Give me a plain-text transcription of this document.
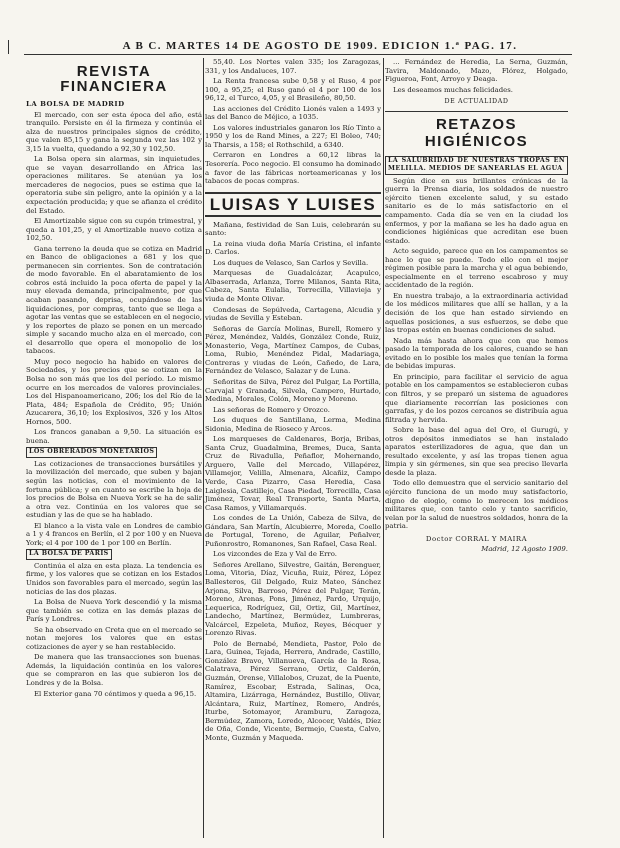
A B C. MARTES 14 DE AGOSTO DE 1909. EDICION 1.ª PAG. 17.
REVISTA
FINANCIERA

LA BOLSA DE MADRID

El mercado, con ser esta época del año, está tranquilo. Persiste en él la firmeza y continúa el alza de nuestros principales signos de crédito, que valen 85,15 y gana la segunda vez las 102 y 3,15 la vuelta, quedando a 92,30 y 102,50.

La Bolsa opera sin alarmas, sin inquietudes, que se vayan desarrollando en África las operaciones militares. Se atenúan ya los mercaderes de negocios, pues se estima que la operatoria sube sin peligro, ante la opinión y a la expectación producida; y que se afianza el crédito del Estado.

El Amortizable sigue con su cupón trimestral, y queda a 101,25, y el Amortizable nuevo cotiza a 102,50.

Gana terreno la deuda que se cotiza en Madrid en Banco de obligaciones a 681 y los que permanecen sin corrientes. Son de contratación de modo favorable. En el abaratamiento de los cobros está incluido la poca oferta de papel y la muy elevada demanda, principalmente, por que acaban pasando, deprisa, ocupándose de las liquidaciones, por compras, tanto que se llega a agotar las ventas que se establecen en el negocio, y los reportes de plazo se ponen en un mercado simple y sacando mucho alza en el mercado, con el desarrollo que opera el monopolio de los tabacos.

Muy poco negocio ha habido en valores de Sociedades, y los precios que se cotizan en la Bolsa no son más que los del período. Lo mismo ocurre en los mercados de valores provinciales. Los del Hispanoamericano, 206; los del Río de la Plata, 484; Española de Crédito, 95; Unión Azucarera, 36,10; los Explosivos, 326 y los Altos Hornos, 500.

Los francos ganaban a 9,50. La situación es buena.

LOS OBRERADOS MONETARIOS

Las cotizaciones de transacciones bursátiles y la movilización del mercado, que suben y bajan según las noticias, con el movimiento de la fortuna pública; y en cuanto se escribe la hoja de los precios de Bolsa en Nueva York se ha de salir a otra vez. Continúa en los valores que se estudian y las de que se ha hablado.

El blanco a la vista vale en Londres de cambio a 1 y 4 francos en Berlín, el 2 por 100 y en Nueva York; el 4 por 100 de 1 por 100 en Berlín.

LA BOLSA DE PARIS

Continúa el alza en esta plaza. La tendencia es firme, y los valores que se cotizan en los Estados Unidos son favorables para el mercado, según las noticias de las dos plazas.

La Bolsa de Nueva York descendió y la misma que también se cotiza en las demás plazas de París y Londres.

Se ha observado en Creta que en el mercado se notan mejores los valores que en estas cotizaciones de ayer y se han restablecido.

De manera que las transacciones son buenas. Además, la liquidación continúa en los valores que se compraron en las que subieron los de Londres y de la Bolsa.

El Exterior gana 70 céntimos y queda a 96,15.

55,40. Los Nortes valen 335; los Zaragozas, 331, y los Andaluces, 107.

La Renta francesa sube 0,58 y el Ruso, 4 por 100, a 95,25; el Ruso ganó el 4 por 100 de los 96,12, el Turco, 4,05, y el Brasileño, 80,50.

Las acciones del Crédito Lionés valen a 1493 y las del Banco de Méjico, a 1035.

Los valores industriales ganaron los Río Tinto a 1950 y los de Rand Mines, a 227; El Boleo, 740; la Tharsis, a 158; el Rothschild, a 6340.

Cerraron en Londres a 60,12 libras la Tesorería. Poco negocio. El consumo ha dominado a favor de las fábricas norteamericanas y los tabacos de pocas compras.

LUISAS Y LUISES

Mañana, festividad de San Luis, celebrarán su santo:

La reina viuda doña María Cristina, el infante D. Carlos.

Los duques de Velasco, San Carlos y Sevilla.

Marquesas de Guadalcázar, Acapulco, Albaserrada, Arlanza, Torre Milanos, Santa Rita, Cabeza, Santa Eulalia, Torrecilla, Villavieja y viuda de Monte Olivar.

Condesas de Sepúlveda, Cartagena, Alcudia y viudas de Sevilla y Esteban.

Señoras de García Molinas, Burell, Romero y Pérez, Menéndez, Valdés, González Conde, Ruiz, Monasterio, Vega, Martínez Campos, de Cubas, Loma, Rubio, Menéndez Pidal, Madariaga, Contreras y viudas de León, Cañedo, de Lara, Fernández de Velasco, Salazar y de Luna.

Señoritas de Silva, Pérez del Pulgar, La Portilla, Carvajal y Granada, Silvela, Campero, Hurtado, Medina, Morales, Colón, Moreno y Moreno.

Las señoras de Romero y Orozco.

Los duques de Santillana, Lerma, Medina Sidonia, Medina de Rioseco y Arcos.

Los marqueses de Caldenares, Borja, Bribas, Santa Cruz, Guadalmina, Bremes, Duca, Santa Cruz de Rivadulla, Peñaflor, Mohernando, Arguero, Valle del Mercado, Villapérez, Villamejor, Velilla, Almenara, Alcañiz, Campo Verde, Casa Pizarro, Casa Heredia, Casa Laiglesia, Castillejo, Casa Piedad, Torrecilla, Casa Jiménez, Tovar, Real Transporte, Santa Marta, Casa Ramos, y Villamarqués.

Los condes de La Unión, Cabeza de Silva, de Gándara, San Martín, Alcubierre, Moreda, Coello de Portugal, Toreno, de Aguilar, Peñalver, Puñonrostro, Romanones, San Rafael, Casa Real.

Los vizcondes de Eza y Val de Erro.

Señores Arellano, Silvestre, Gaitán, Berenguer, Loma, Vitoria, Díaz, Vicuña, Ruiz, Pérez, López Ballesteros, Gil Delgado, Ruiz Mateo, Sánchez Arjona, Silva, Barroso, Pérez del Pulgar, Terán, Moreno, Arenas, Pons, Jiménez, Pardo, Urquijo, Lequerica, Rodríguez, Gil, Ortiz, Gil, Martínez, Landecho, Martínez, Bermúdez, Lumbreras, Valcárcel, Ezpeleta, Muñoz, Reyes, Bécquer y Lorenzo Rivas.

Polo de Bernabé, Mendieta, Pastor, Polo de Lara, Guinea, Tejada, Herrera, Andrade, Castillo, González Bravo, Villanueva, García de la Rosa, Calatrava, Pérez Serrano, Ortiz, Calderón, Guzmán, Orense, Villalobos, Cruzat, de la Puente, Ramírez, Escobar, Estrada, Salinas, Oca, Altamira, Lizárraga, Hernández, Bustillo, Olivar, Alcántara, Ruiz, Martínez, Romero, Andrés, Iturbe, Sotomayor, Aramburu, Zaragoza, Bermúdez, Zamora, Loredo, Alcocer, Valdés, Díez de Oña, Conde, Vicente, Bermejo, Cuesta, Calvo, Monte, Guzmán y Maqueda.

... Fernández de Heredia, La Serna, Guzmán, Tavira, Maldonado, Mazo, Flórez, Holgado, Figueroa, Font, Arroyo y Deaga.

Les deseamos muchas felicidades.

DE ACTUALIDAD
RETAZOS HIGIÉNICOS

LA SALUBRIDAD DE NUESTRAS TROPAS EN MELILLA. MEDIOS DE SANEARLAS EL AGUA

Según dice en sus brillantes crónicas de la guerra la Prensa diaria, los soldados de nuestro ejército tienen excelente salud, y su estado sanitario es de lo más satisfactorio en el campamento. Cada día se ven en la ciudad los enfermos, y por la mañana se les ha dado agua en condiciones higiénicas que acreditan ese buen estado.

Acto seguido, parece que en los campamentos se hace lo que se puede. Todo ello con el mejor régimen posible para la marcha y el agua bebiendo, especialmente en el terreno escabroso y muy accidentado de la región.

En nuestra trabajo, a la extraordinaria actividad de los médicos militares que allí se hallan, y a la decisión de los que han estado sirviendo en aquellas posiciones, a sus esfuerzos, se debe que las tropas estén en buenas condiciones de salud.

Nada más hasta ahora que con que hemos pasado la temporada de los calores, cuando se han evitado en lo posible los males que tenían la forma de bebidas impuras.

En principio, para facilitar el servicio de agua potable en los campamentos se establecieron cubas con filtros, y se preparó un sistema de aguadores que diariamente recorrían las posiciones con garrafas, y de los pozos cercanos se distribuía agua filtrada y hervida.

Sobre la base del agua del Oro, el Gurugú, y otros depósitos inmediatos se han instalado aparatos esterilizadores de agua, que dan un resultado excelente, y así las tropas tienen agua limpia y sin gérmenes, sin que sea preciso llevarla desde la plaza.

Todo ello demuestra que el servicio sanitario del ejército funciona de un modo muy satisfactorio, digno de elogio, como lo merecen los médicos militares que, con tanto celo y tanto sacrificio, velan por la salud de nuestros soldados, honra de la patria.

Doctor CORRAL Y MAIRA
Madrid, 12 Agosto 1909.
